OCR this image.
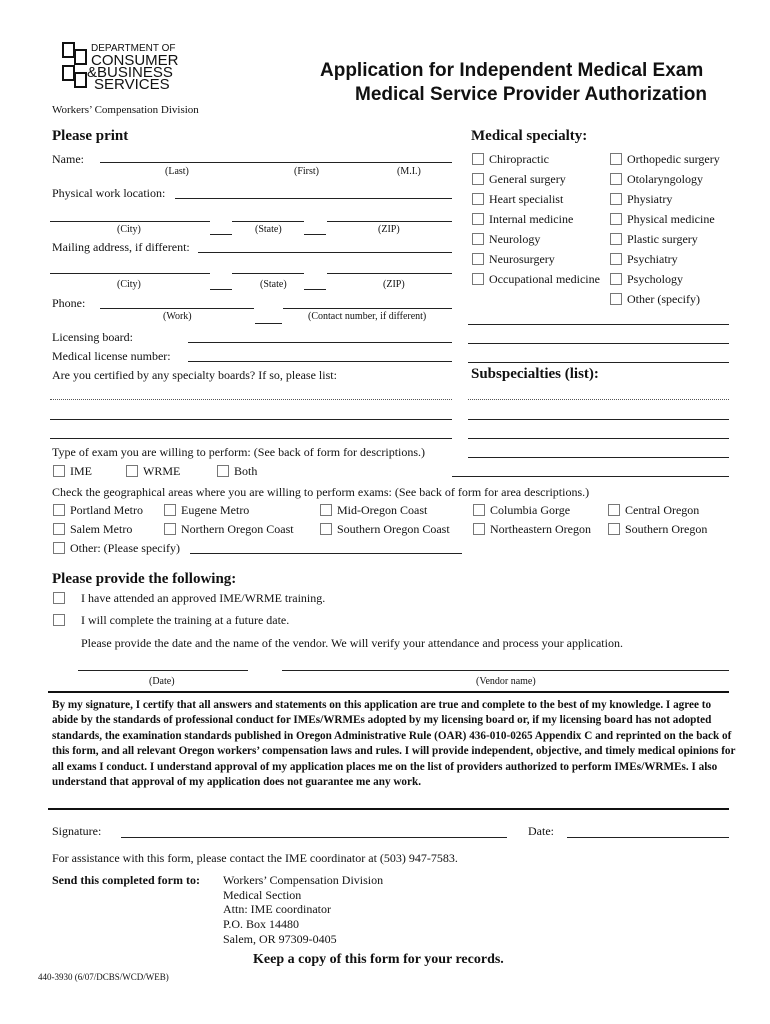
DEPARTMENT OF
CONSUMER
&BUSINESS
SERVICES
Workers’ Compensation Division
Application for Independent Medical Exam
Medical Service Provider Authorization
Please print
Name:
(Last)	(First)	(M.I.)
Physical work location:
(City)	(State)	(ZIP)
Mailing address, if different:
(City)	(State)	(ZIP)
Phone:
(Work)	(Contact number, if different)
Licensing board:
Medical license number:
Are you certified by any specialty boards? If so, please list:
Medical specialty:
Chiropractic
General surgery
Heart specialist
Internal medicine
Neurology
Neurosurgery
Occupational medicine
Orthopedic surgery
Otolaryngology
Physiatry
Physical medicine
Plastic surgery
Psychiatry
Psychology
Other (specify)
Subspecialties (list):
Type of exam you are willing to perform: (See back of form for descriptions.)
IME	WRME	Both
Check the geographical areas where you are willing to perform exams: (See back of form for area descriptions.)
Portland Metro	Eugene Metro	Mid-Oregon Coast	Columbia Gorge	Central Oregon
Salem Metro	Northern Oregon Coast	Southern Oregon Coast	Northeastern Oregon	Southern Oregon
Other: (Please specify)
Please provide the following:
I have attended an approved IME/WRME training.
I will complete the training at a future date.
Please provide the date and the name of the vendor. We will verify your attendance and process your application.
(Date)	(Vendor name)
By my signature, I certify that all answers and statements on this application are true and complete to the best of my knowledge. I agree to abide by the standards of professional conduct for IMEs/WRMEs adopted by my licensing board or, if my licensing board has not adopted standards, the examination standards published in Oregon Administrative Rule (OAR) 436-010-0265 Appendix C and reprinted on the back of this form, and all relevant Oregon workers’ compensation laws and rules. I will provide independent, objective, and timely medical opinions for all exams I conduct. I understand approval of my application places me on the list of providers authorized to perform IMEs/WRMEs. I also understand that approval of my application does not guarantee me any work.
Signature:	Date:
For assistance with this form, please contact the IME coordinator at (503) 947-7583.
Send this completed form to: Workers’ Compensation Division
Medical Section
Attn: IME coordinator
P.O. Box 14480
Salem, OR 97309-0405
Keep a copy of this form for your records.
440-3930 (6/07/DCBS/WCD/WEB)
